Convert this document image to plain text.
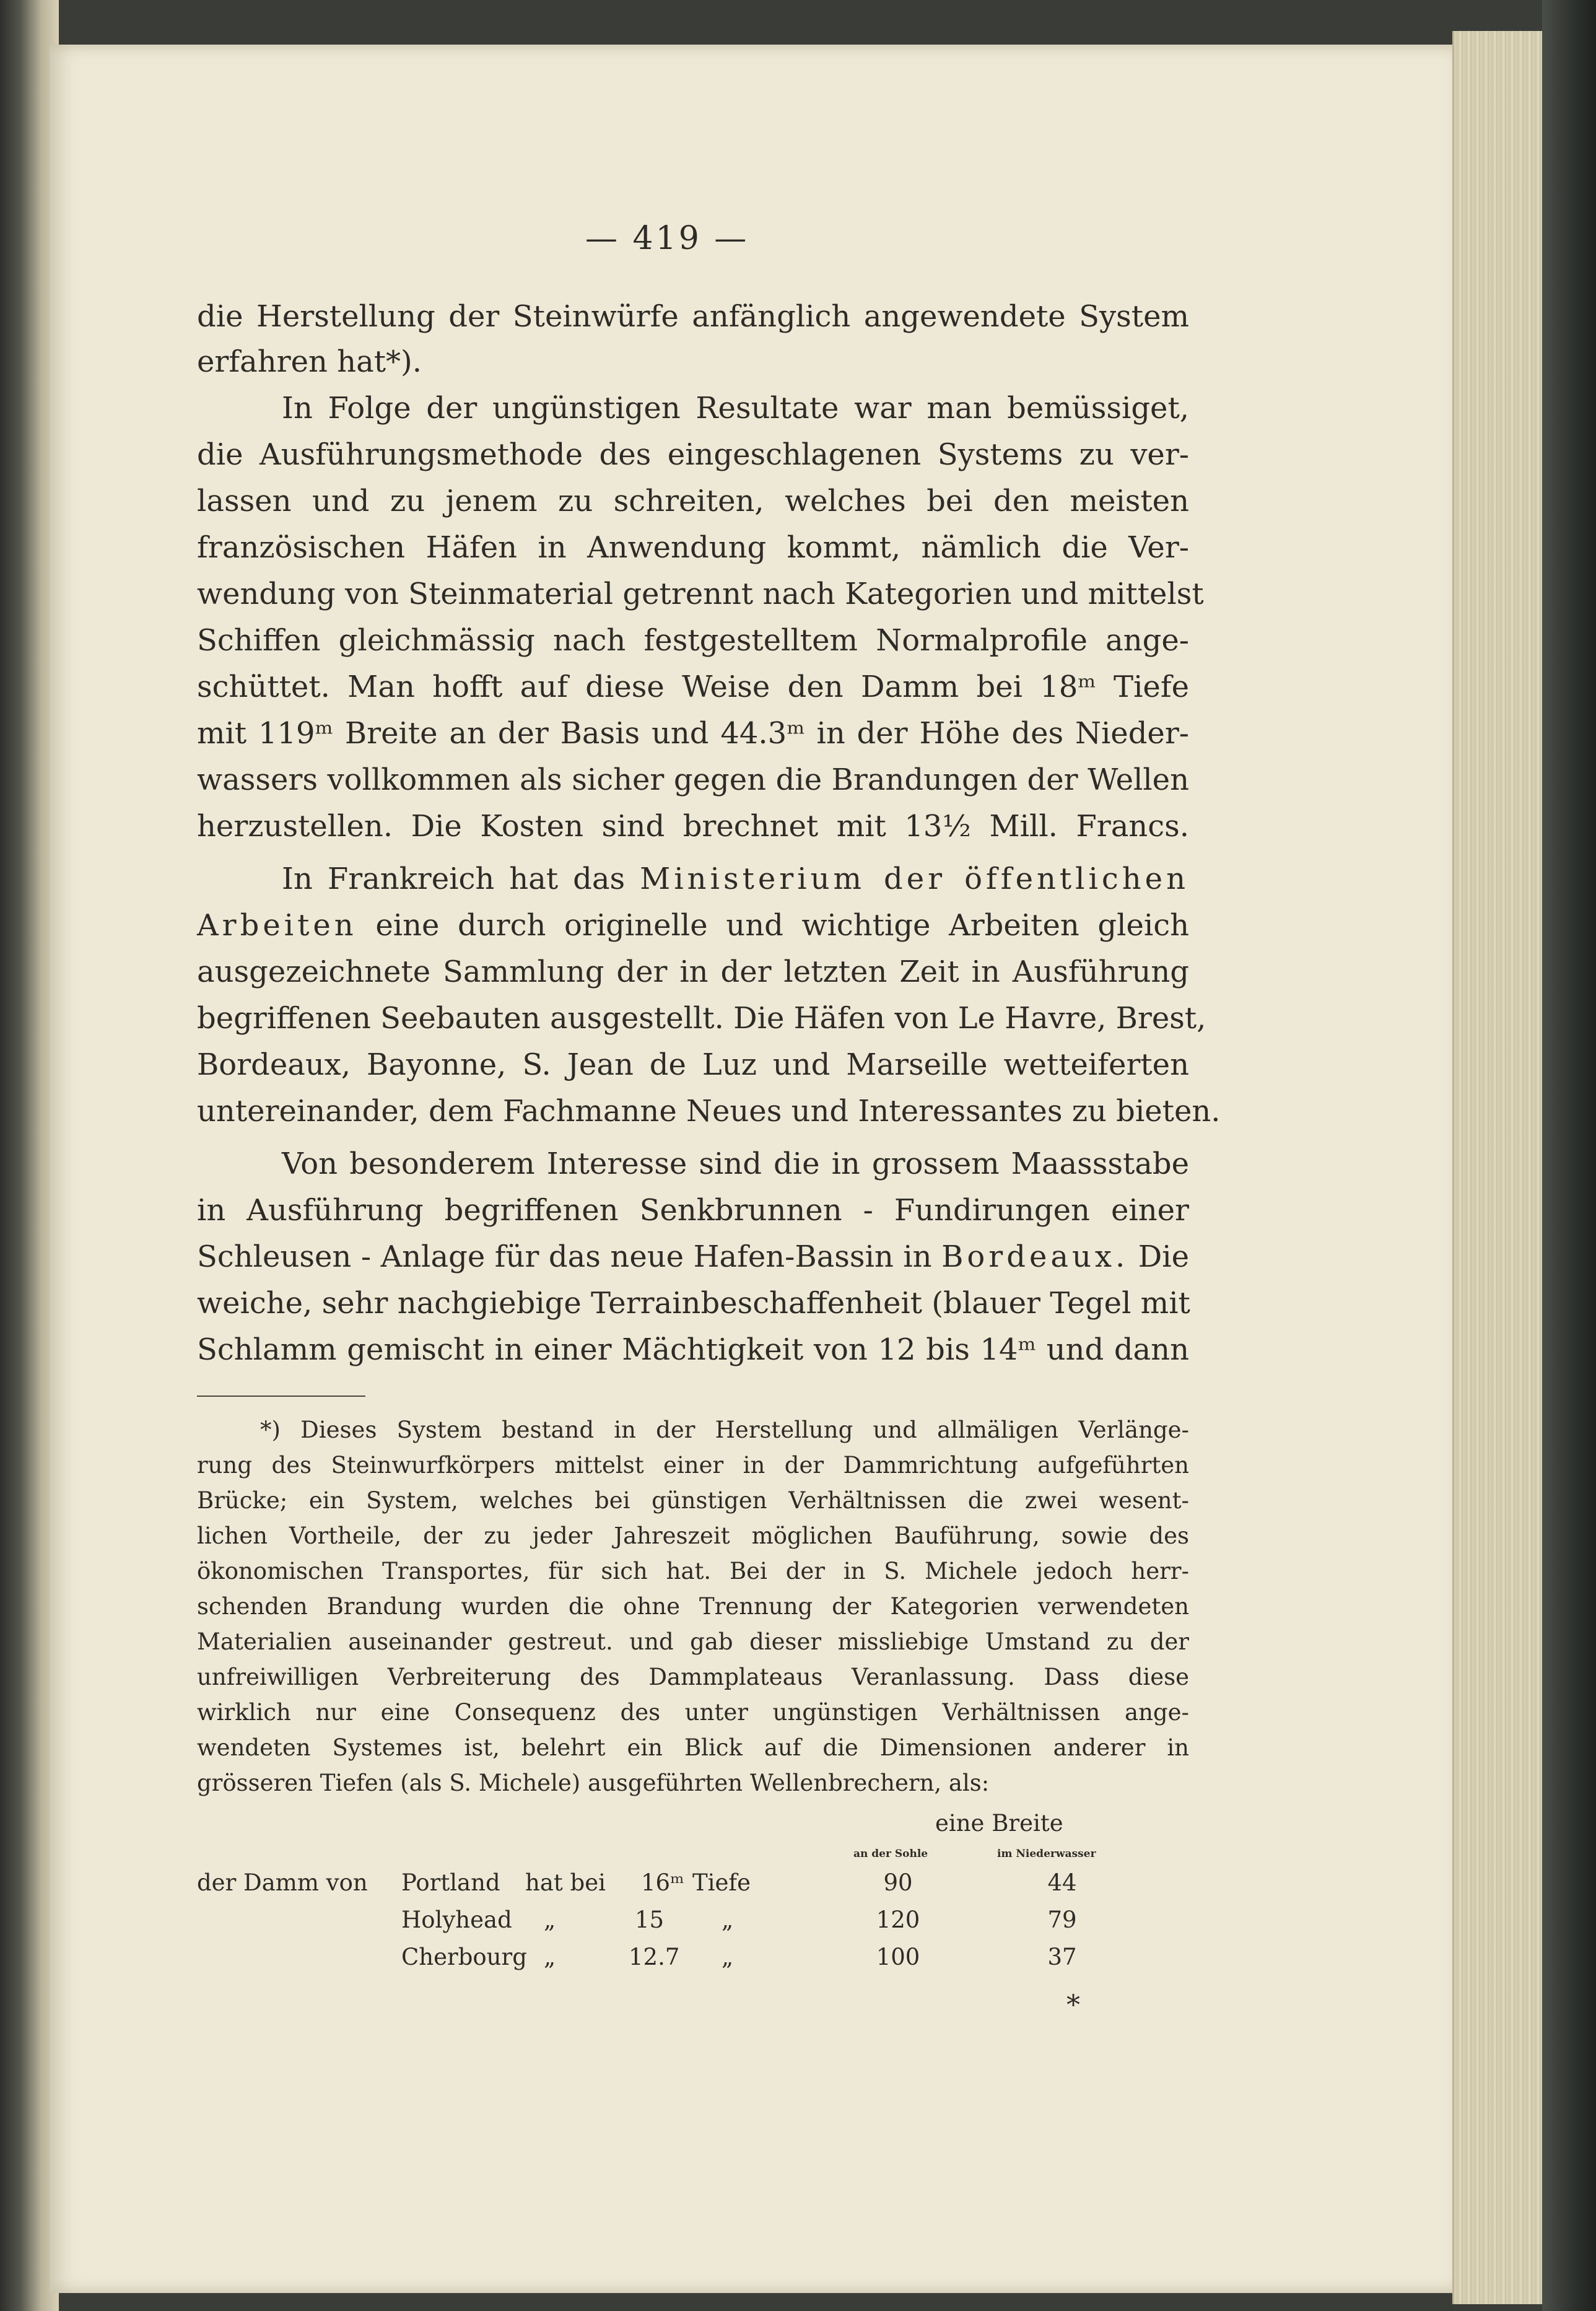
— 419 —
die Herstellung der Steinwürfe anfänglich angewendete System
erfahren hat*).
In Folge der ungünstigen Resultate war man bemüssiget,
die Ausführungsmethode des eingeschlagenen Systems zu ver-
lassen und zu jenem zu schreiten, welches bei den meisten
französischen Häfen in Anwendung kommt, nämlich die Ver-
wendung von Steinmaterial getrennt nach Kategorien und mittelst
Schiffen gleichmässig nach festgestelltem Normalprofile ange-
schüttet. Man hofft auf diese Weise den Damm bei 18ᵐ Tiefe
mit 119ᵐ Breite an der Basis und 44.3ᵐ in der Höhe des Nieder-
wassers vollkommen als sicher gegen die Brandungen der Wellen
herzustellen. Die Kosten sind brechnet mit 13½ Mill. Francs.
In Frankreich hat das Ministerium der öffentlichen
Arbeiten eine durch originelle und wichtige Arbeiten gleich
ausgezeichnete Sammlung der in der letzten Zeit in Ausführung
begriffenen Seebauten ausgestellt. Die Häfen von Le Havre, Brest,
Bordeaux, Bayonne, S. Jean de Luz und Marseille wetteiferten
untereinander, dem Fachmanne Neues und Interessantes zu bieten.
Von besonderem Interesse sind die in grossem Maassstabe
in Ausführung begriffenen Senkbrunnen - Fundirungen einer
Schleusen - Anlage für das neue Hafen-Bassin in Bordeaux. Die
weiche, sehr nachgiebige Terrainbeschaffenheit (blauer Tegel mit
Schlamm gemischt in einer Mächtigkeit von 12 bis 14ᵐ und dann
*) Dieses System bestand in der Herstellung und allmäligen Verlänge-
rung des Steinwurfkörpers mittelst einer in der Dammrichtung aufgeführten
Brücke; ein System, welches bei günstigen Verhältnissen die zwei wesent-
lichen Vortheile, der zu jeder Jahreszeit möglichen Bauführung, sowie des
ökonomischen Transportes, für sich hat. Bei der in S. Michele jedoch herr-
schenden Brandung wurden die ohne Trennung der Kategorien verwendeten
Materialien auseinander gestreut. und gab dieser missliebige Umstand zu der
unfreiwilligen Verbreiterung des Dammplateaus Veranlassung. Dass diese
wirklich nur eine Consequenz des unter ungünstigen Verhältnissen ange-
wendeten Systemes ist, belehrt ein Blick auf die Dimensionen anderer in
grösseren Tiefen (als S. Michele) ausgeführten Wellenbrechern, als:
eine Breite
an der Sohle	im Niederwasser
der Damm von Portland hat bei 16ᵐ Tiefe	90	44
Holyhead „	15	„	120	79
Cherbourg „	12.7 „	100	37
*
